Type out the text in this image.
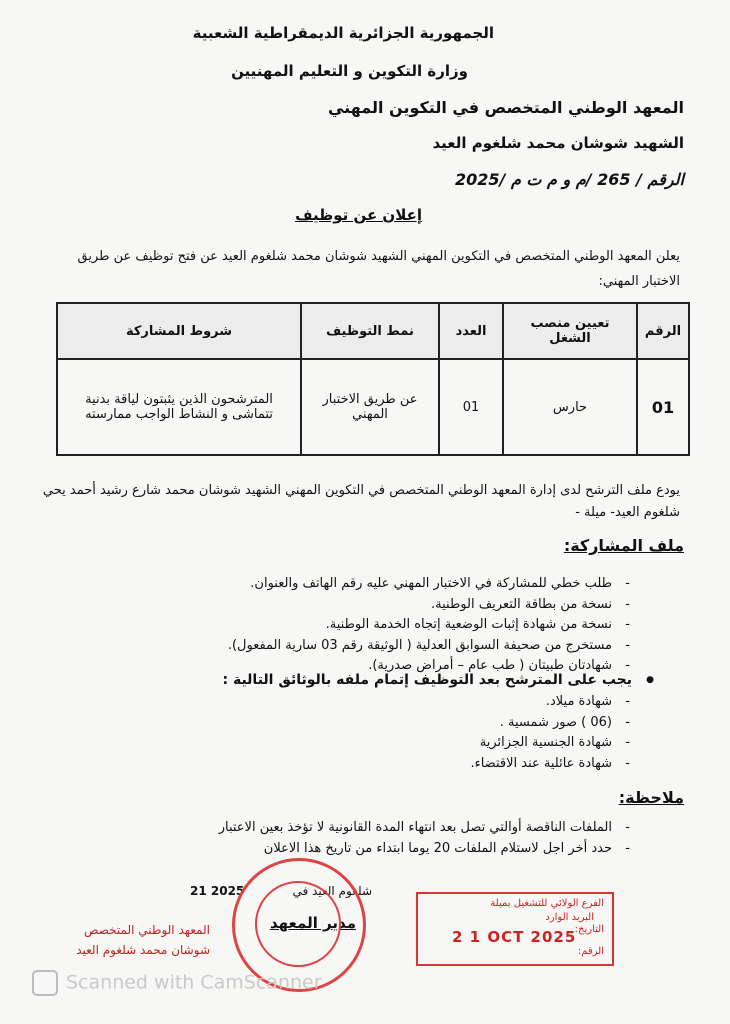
الجمهورية الجزائرية الديمقراطية الشعبية
وزارة التكوين و التعليم المهنيين
المعهد الوطني المتخصص في التكوين المهني
الشهيد شوشان محمد شلغوم العيد
الرقم / 265 /م و م ت م /2025
إعلان عن توظيف
يعلن المعهد الوطني المتخصص في التكوين المهني الشهيد شوشان محمد شلغوم العيد عن فتح توظيف عن طريق الاختبار المهني:
الرقم	تعيين منصب الشغل	العدد	نمط التوظيف	شروط المشاركة
01	حارس	01	عن طريق الاختبار المهني	المترشحون الذين يثبتون لياقة بدنية تتماشى و النشاط الواجب ممارسته
يودع ملف الترشح لدى إدارة المعهد الوطني المتخصص في التكوين المهني الشهيد شوشان محمد شارع رشيد أحمد يحي شلغوم العيد- ميلة -
ملف المشاركة:
- طلب خطي للمشاركة في الاختبار المهني عليه رقم الهاتف والعنوان.
- نسخة من بطاقة التعريف الوطنية.
- نسخة من شهادة إثبات الوضعية إتجاه الخدمة الوطنية.
- مستخرج من صحيفة السوابق العدلية ( الوثيقة رقم 03 سارية المفعول).
- شهادتان طبيتان ( طب عام – أمراض صدرية).
● يجب على المترشح بعد التوظيف إتمام ملفه بالوثائق التالية :
- شهادة ميلاد.
- (06 ) صور شمسية .
- شهادة الجنسية الجزائرية
- شهادة عائلية عند الاقتضاء.
ملاحظة:
- الملفات الناقصة أوالتي تصل بعد انتهاء المدة القانونية لا تؤخذ بعين الاعتبار
- حدد أخر اجل لاستلام الملفات 20 يوما ابتداء من تاريخ هذا الاعلان
شلغوم العيد في
21 2025
مدير المعهد
المعهد الوطني المتخصص
شوشان محمد شلغوم العيد
الفرع الولائي للتشغيل بميلة
البريد الوارد
التاريخ:
2 1 OCT 2025
الرقم:
Scanned with CamScanner
